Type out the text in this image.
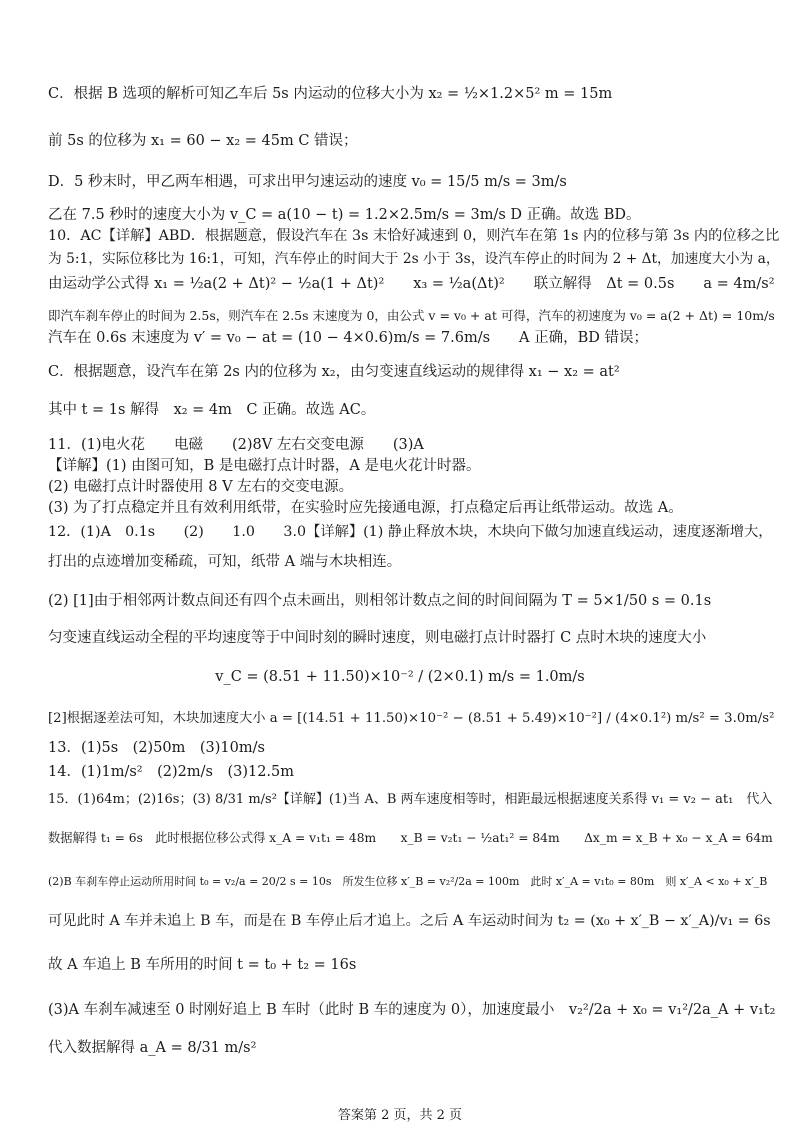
C．根据 B 选项的解析可知乙车后 5s 内运动的位移大小为 x₂ = ½×1.2×5² m = 15m
前 5s 的位移为 x₁ = 60 − x₂ = 45m C 错误；
D．5 秒末时，甲乙两车相遇，可求出甲匀速运动的速度 v₀ = 15/5 m/s = 3m/s
乙在 7.5 秒时的速度大小为 v_C = a(10 − t) = 1.2×2.5m/s = 3m/s D 正确。故选 BD。
10．AC【详解】ABD．根据题意，假设汽车在 3s 末恰好减速到 0，则汽车在第 1s 内的位移与第 3s 内的位移之比
为 5:1，实际位移比为 16:1，可知，汽车停止的时间大于 2s 小于 3s，设汽车停止的时间为 2 + Δt，加速度大小为 a，
由运动学公式得 x₁ = ½a(2 + Δt)² − ½a(1 + Δt)²　　x₃ = ½a(Δt)²　　联立解得　Δt = 0.5s　　a = 4m/s²
即汽车刹车停止的时间为 2.5s，则汽车在 2.5s 末速度为 0，由公式 v = v₀ + at 可得，汽车的初速度为 v₀ = a(2 + Δt) = 10m/s
汽车在 0.6s 末速度为 v′ = v₀ − at = (10 − 4×0.6)m/s = 7.6m/s　　A 正确，BD 错误；
C．根据题意，设汽车在第 2s 内的位移为 x₂，由匀变速直线运动的规律得 x₁ − x₂ = at²
其中 t = 1s 解得　x₂ = 4m　C 正确。故选 AC。
11．(1)电火花　　电磁　　(2)8V 左右交变电源　　(3)A
【详解】(1) 由图可知，B 是电磁打点计时器，A 是电火花计时器。
(2) 电磁打点计时器使用 8 V 左右的交变电源。
(3) 为了打点稳定并且有效利用纸带，在实验时应先接通电源，打点稳定后再让纸带运动。故选 A。
12．(1)A　0.1s　　(2)　　1.0　　3.0【详解】(1) 静止释放木块，木块向下做匀加速直线运动，速度逐渐增大，
打出的点迹增加变稀疏，可知，纸带 A 端与木块相连。
(2) [1]由于相邻两计数点间还有四个点未画出，则相邻计数点之间的时间间隔为 T = 5×1/50 s = 0.1s
匀变速直线运动全程的平均速度等于中间时刻的瞬时速度，则电磁打点计时器打 C 点时木块的速度大小
v_C = (8.51 + 11.50)×10⁻² / (2×0.1) m/s = 1.0m/s
[2]根据逐差法可知，木块加速度大小 a = [(14.51 + 11.50)×10⁻² − (8.51 + 5.49)×10⁻²] / (4×0.1²) m/s² = 3.0m/s²
13．(1)5s　(2)50m　(3)10m/s
14．(1)1m/s²　(2)2m/s　(3)12.5m
15．(1)64m；(2)16s；(3) 8/31 m/s²【详解】(1)当 A、B 两车速度相等时，相距最远根据速度关系得 v₁ = v₂ − at₁　代入
数据解得 t₁ = 6s　此时根据位移公式得 x_A = v₁t₁ = 48m　　x_B = v₂t₁ − ½at₁² = 84m　　Δx_m = x_B + x₀ − x_A = 64m
(2)B 车刹车停止运动所用时间 t₀ = v₂/a = 20/2 s = 10s　所发生位移 x′_B = v₂²/2a = 100m　此时 x′_A = v₁t₀ = 80m　则 x′_A < x₀ + x′_B
可见此时 A 车并未追上 B 车，而是在 B 车停止后才追上。之后 A 车运动时间为 t₂ = (x₀ + x′_B − x′_A)/v₁ = 6s
故 A 车追上 B 车所用的时间 t = t₀ + t₂ = 16s
(3)A 车刹车减速至 0 时刚好追上 B 车时（此时 B 车的速度为 0），加速度最小　v₂²/2a + x₀ = v₁²/2a_A + v₁t₂
代入数据解得 a_A = 8/31 m/s²
答案第 2 页，共 2 页
